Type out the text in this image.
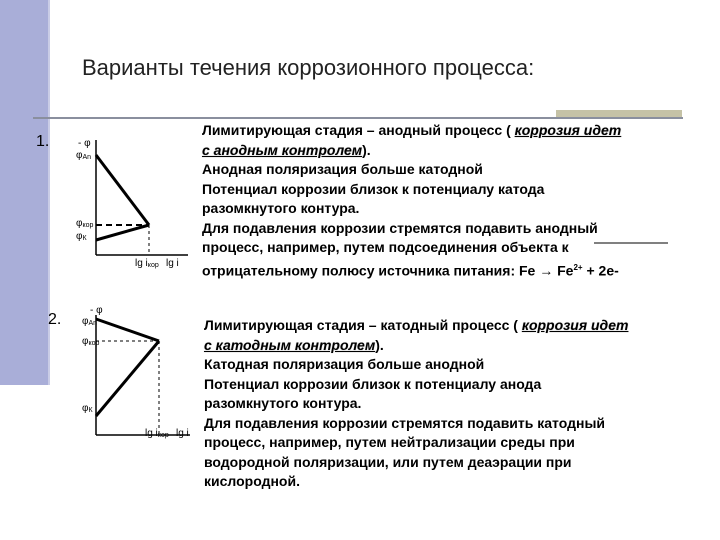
Варианты течения коррозионного процесса:
1.	- φ
$\varphi_{An}$
$\varphi_{кор}$
$\varphi_К$
$\lg i_{кор}$ lg i
Лимитирующая стадия – анодный процесс ( коррозия идет
с анодным контролем).
Анодная поляризация больше катодной
Потенциал коррозии близок к потенциалу катода
разомкнутого контура.
Для подавления коррозии стремятся подавить анодный
процесс, например, путем подсоединения объекта к
отрицательному полюсу источника питания: $Fe \to Fe^{2+} + 2e-$
2.
- φ
$\varphi_{An}$
$\varphi_{кор}$
$\varphi_К$
$\lg i_{кор}$ lg i
Лимитирующая стадия – катодный процесс ( коррозия идет
с катодным контролем).
Катодная поляризация больше анодной
Потенциал коррозии близок к потенциалу анода
разомкнутого контура.
Для подавления коррозии стремятся подавить катодный
процесс, например, путем нейтрализации среды при
водородной поляризации, или путем деаэрации при
кислородной.
